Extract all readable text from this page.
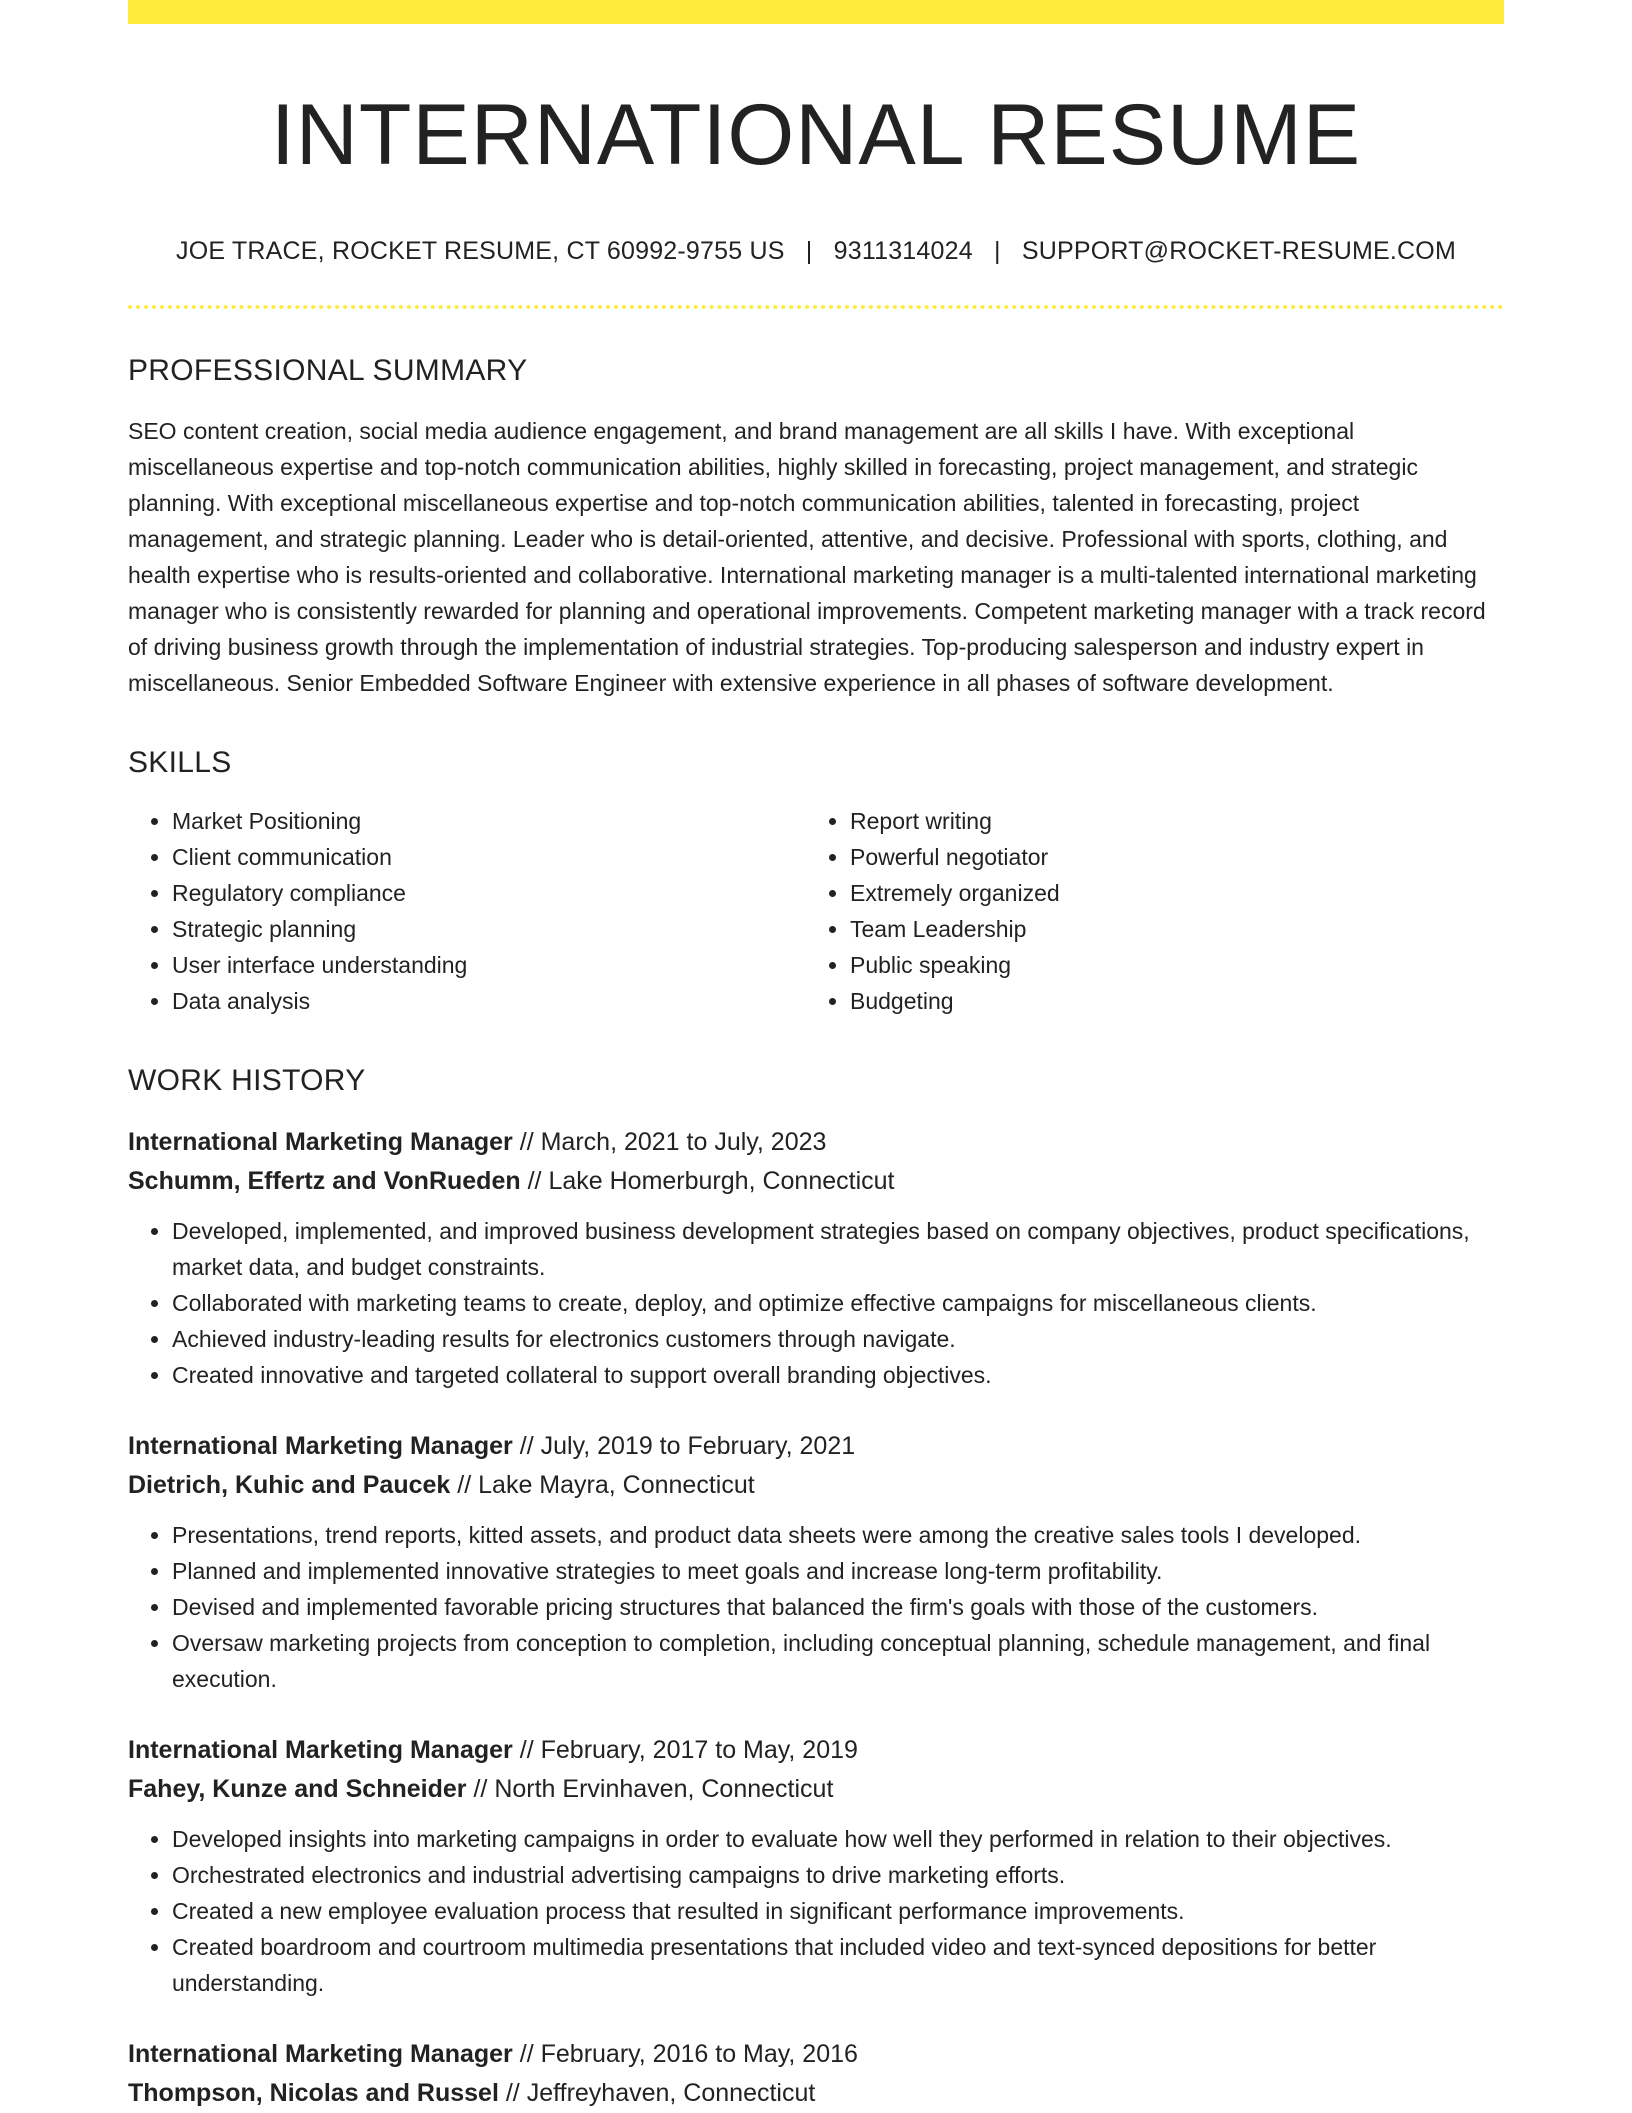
INTERNATIONAL RESUME
JOE TRACE, ROCKET RESUME, CT 60992-9755 US | 9311314024 | SUPPORT@ROCKET-RESUME.COM
PROFESSIONAL SUMMARY

SEO content creation, social media audience engagement, and brand management are all skills I have. With exceptional miscellaneous expertise and top-notch communication abilities, highly skilled in forecasting, project management, and strategic planning. With exceptional miscellaneous expertise and top-notch communication abilities, talented in forecasting, project management, and strategic planning. Leader who is detail-oriented, attentive, and decisive. Professional with sports, clothing, and health expertise who is results-oriented and collaborative. International marketing manager is a multi-talented international marketing manager who is consistently rewarded for planning and operational improvements. Competent marketing manager with a track record of driving business growth through the implementation of industrial strategies. Top-producing salesperson and industry expert in miscellaneous. Senior Embedded Software Engineer with extensive experience in all phases of software development.

SKILLS
• Market Positioning
• Client communication
• Regulatory compliance
• Strategic planning
• User interface understanding
• Data analysis
• Report writing
• Powerful negotiator
• Extremely organized
• Team Leadership
• Public speaking
• Budgeting
WORK HISTORY
International Marketing Manager // March, 2021 to July, 2023
Schumm, Effertz and VonRueden // Lake Homerburgh, Connecticut
• Developed, implemented, and improved business development strategies based on company objectives, product specifications, market data, and budget constraints.
• Collaborated with marketing teams to create, deploy, and optimize effective campaigns for miscellaneous clients.
• Achieved industry-leading results for electronics customers through navigate.
• Created innovative and targeted collateral to support overall branding objectives.
International Marketing Manager // July, 2019 to February, 2021
Dietrich, Kuhic and Paucek // Lake Mayra, Connecticut
• Presentations, trend reports, kitted assets, and product data sheets were among the creative sales tools I developed.
• Planned and implemented innovative strategies to meet goals and increase long-term profitability.
• Devised and implemented favorable pricing structures that balanced the firm's goals with those of the customers.
• Oversaw marketing projects from conception to completion, including conceptual planning, schedule management, and final execution.
International Marketing Manager // February, 2017 to May, 2019
Fahey, Kunze and Schneider // North Ervinhaven, Connecticut
• Developed insights into marketing campaigns in order to evaluate how well they performed in relation to their objectives.
• Orchestrated electronics and industrial advertising campaigns to drive marketing efforts.
• Created a new employee evaluation process that resulted in significant performance improvements.
• Created boardroom and courtroom multimedia presentations that included video and text-synced depositions for better understanding.
International Marketing Manager // February, 2016 to May, 2016
Thompson, Nicolas and Russel // Jeffreyhaven, Connecticut
